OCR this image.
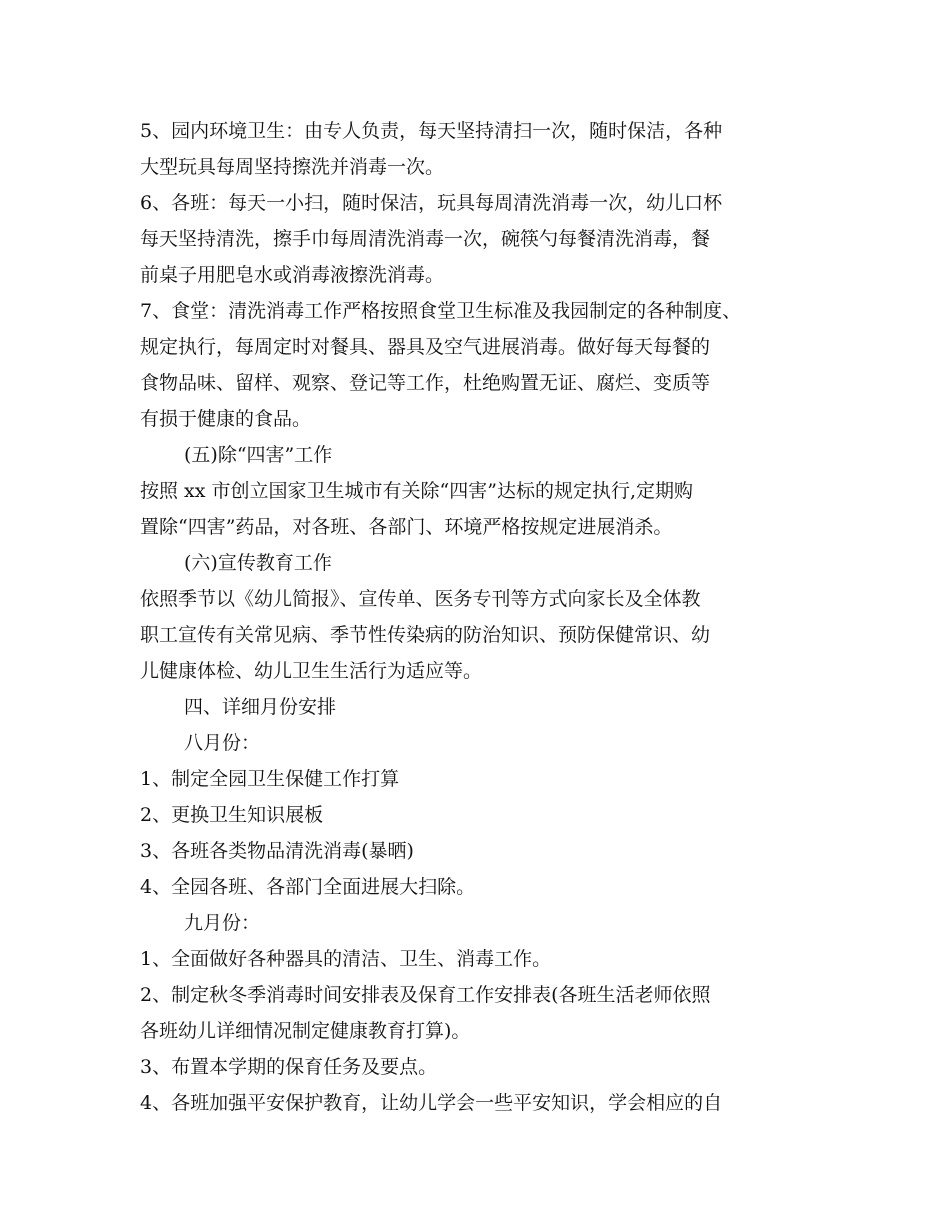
5、园内环境卫生：由专人负责，每天坚持清扫一次，随时保洁，各种
大型玩具每周坚持擦洗并消毒一次。
6、各班：每天一小扫，随时保洁，玩具每周清洗消毒一次，幼儿口杯
每天坚持清洗，擦手巾每周清洗消毒一次，碗筷勺每餐清洗消毒，餐
前桌子用肥皂水或消毒液擦洗消毒。
7、食堂：清洗消毒工作严格按照食堂卫生标准及我园制定的各种制度、
规定执行，每周定时对餐具、器具及空气进展消毒。做好每天每餐的
食物品味、留样、观察、登记等工作，杜绝购置无证、腐烂、变质等
有损于健康的食品。
(五)除“四害”工作
按照 xx 市创立国家卫生城市有关除“四害”达标的规定执行,定期购
置除“四害”药品，对各班、各部门、环境严格按规定进展消杀。
(六)宣传教育工作
依照季节以《幼儿简报》、宣传单、医务专刊等方式向家长及全体教
职工宣传有关常见病、季节性传染病的防治知识、预防保健常识、幼
儿健康体检、幼儿卫生生活行为适应等。
四、详细月份安排
八月份：
1、制定全园卫生保健工作打算
2、更换卫生知识展板
3、各班各类物品清洗消毒(暴晒)
4、全园各班、各部门全面进展大扫除。
九月份：
1、全面做好各种器具的清洁、卫生、消毒工作。
2、制定秋冬季消毒时间安排表及保育工作安排表(各班生活老师依照
各班幼儿详细情况制定健康教育打算)。
3、布置本学期的保育任务及要点。
4、各班加强平安保护教育，让幼儿学会一些平安知识，学会相应的自
